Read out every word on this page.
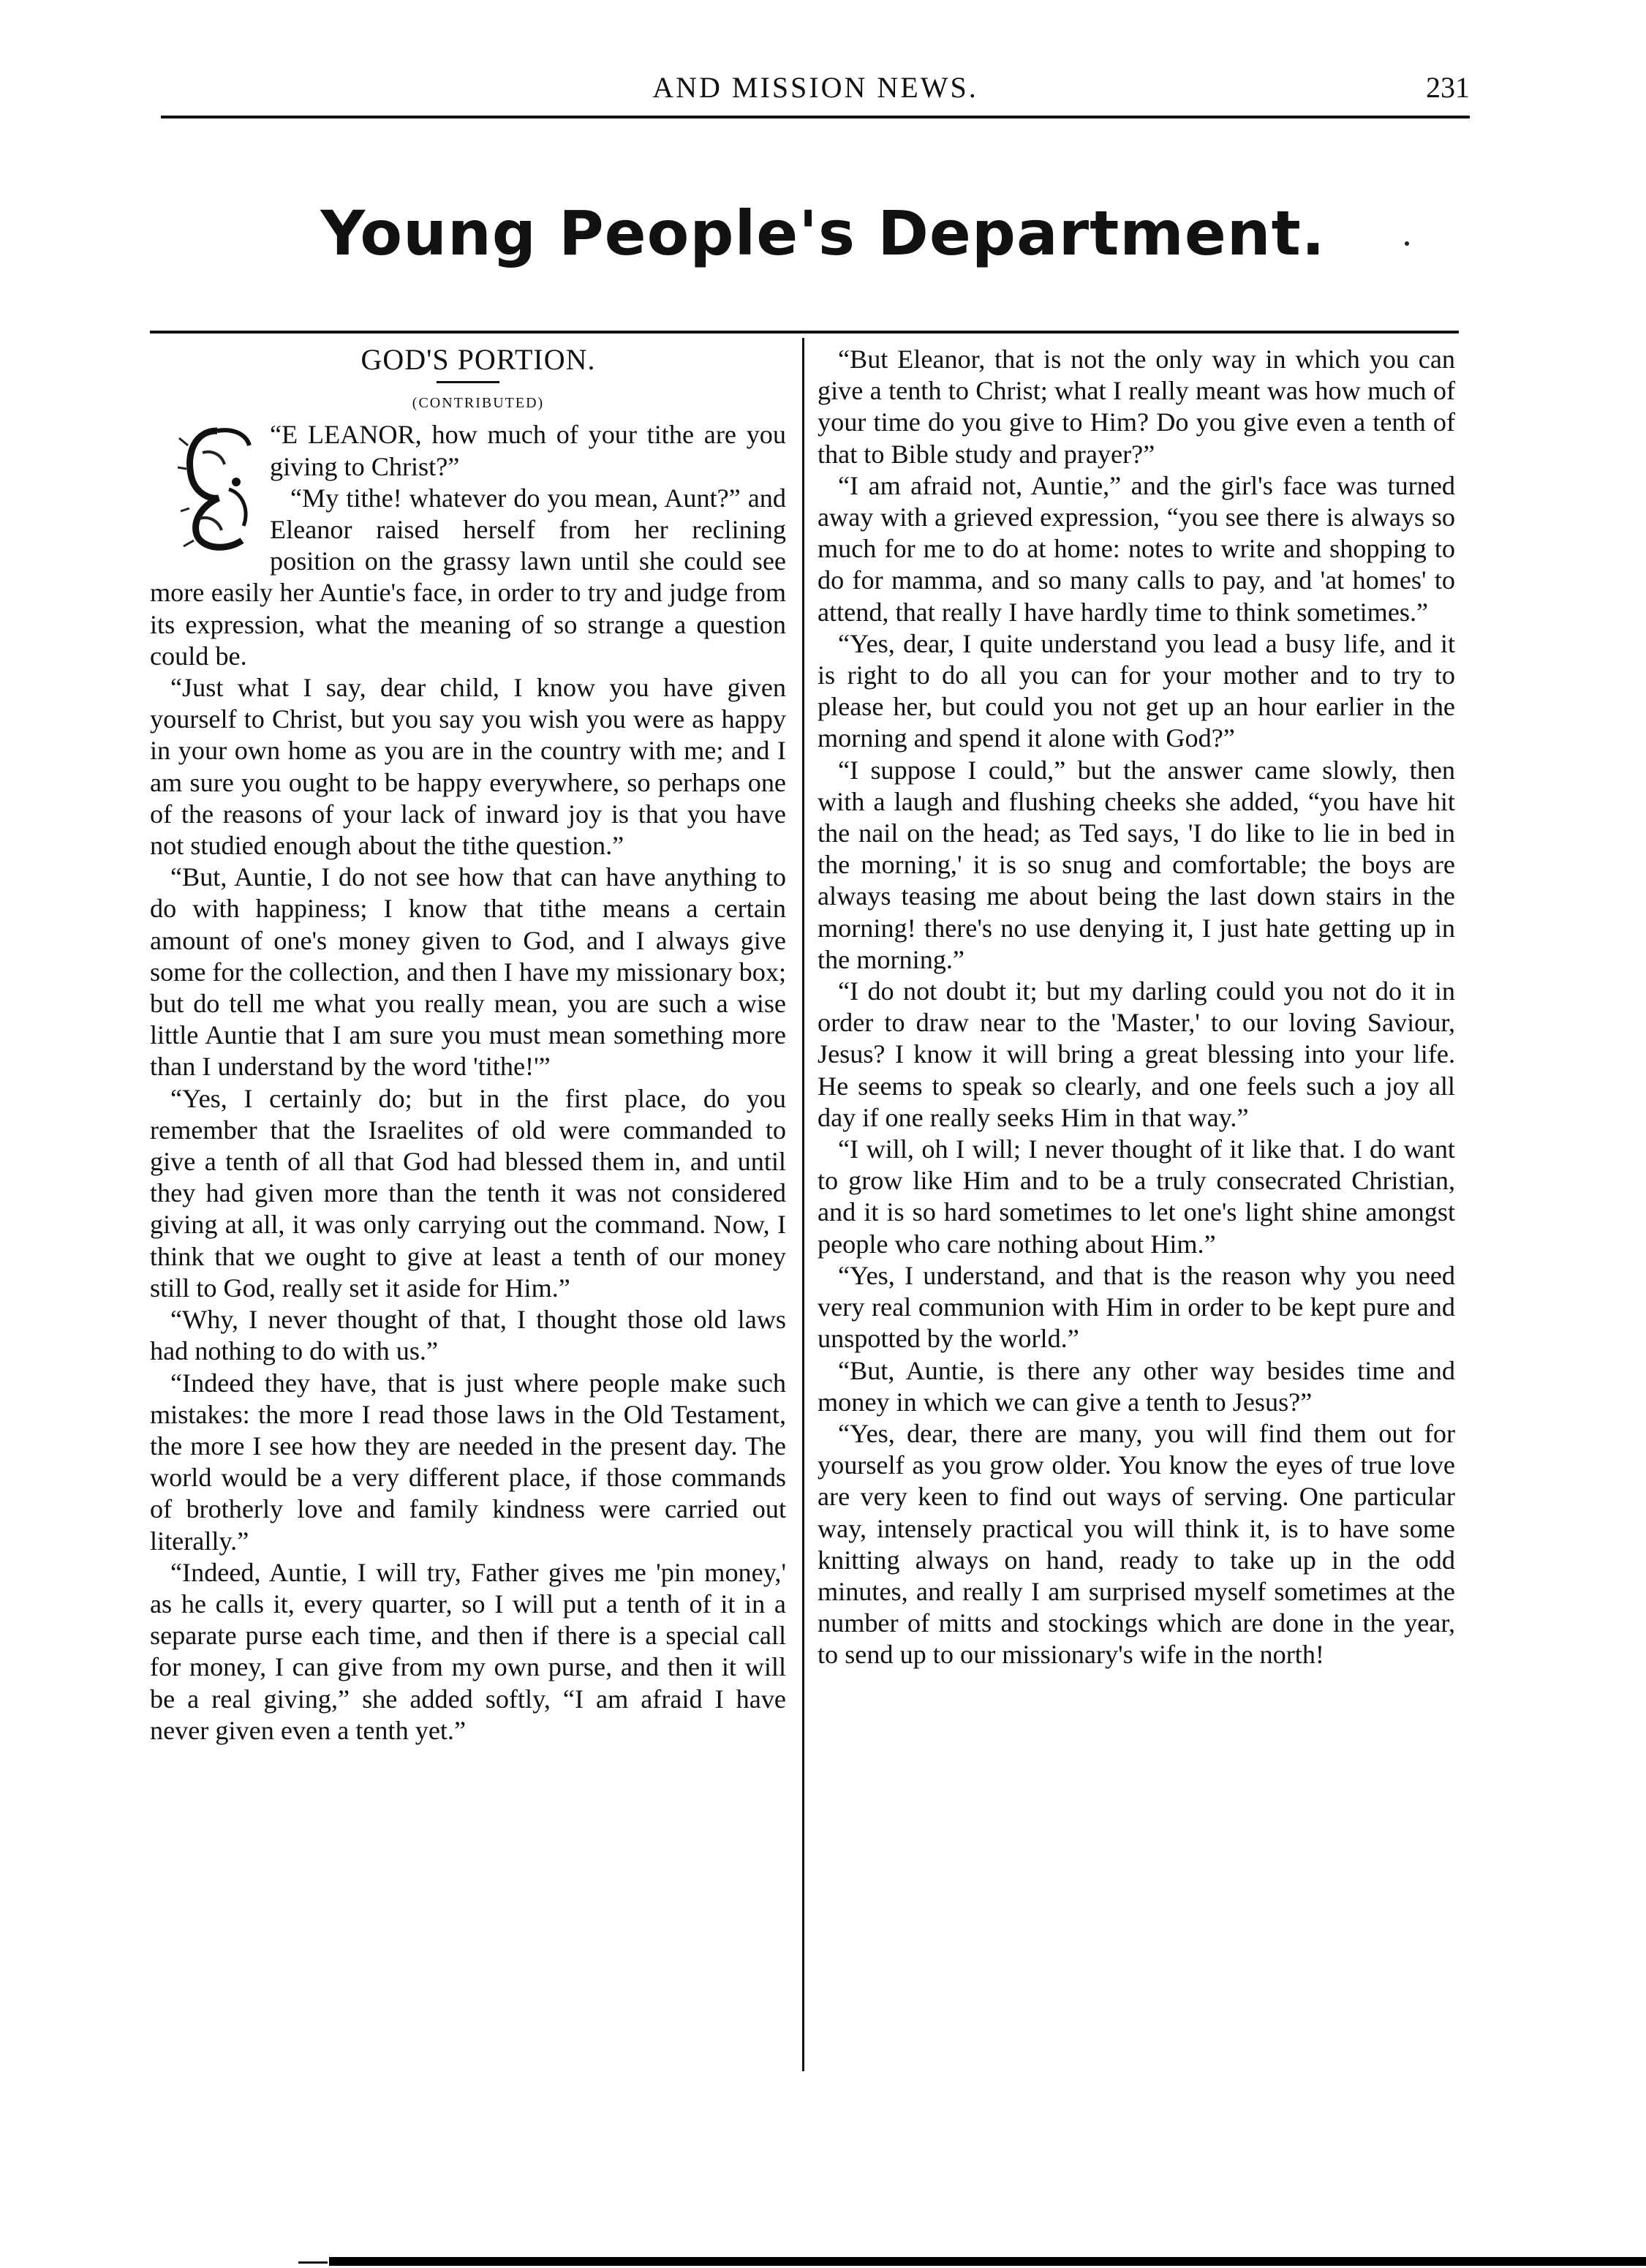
AND MISSION NEWS.	231
Young People's Department.

GOD'S PORTION.

(CONTRIBUTED)

“E LEANOR, how much of your tithe are you giving to Christ?”

“My tithe! whatever do you mean, Aunt?” and Eleanor raised herself from her reclining position on the grassy lawn until she could see more easily her Auntie's face, in order to try and judge from its expression, what the meaning of so strange a question could be.

“Just what I say, dear child, I know you have given yourself to Christ, but you say you wish you were as happy in your own home as you are in the country with me; and I am sure you ought to be happy everywhere, so perhaps one of the reasons of your lack of inward joy is that you have not studied enough about the tithe question.”

“But, Auntie, I do not see how that can have anything to do with happiness; I know that tithe means a certain amount of one's money given to God, and I always give some for the collection, and then I have my missionary box; but do tell me what you really mean, you are such a wise little Auntie that I am sure you must mean something more than I understand by the word 'tithe!'”

“Yes, I certainly do; but in the first place, do you remember that the Israelites of old were commanded to give a tenth of all that God had blessed them in, and until they had given more than the tenth it was not considered giving at all, it was only carrying out the command. Now, I think that we ought to give at least a tenth of our money still to God, really set it aside for Him.”

“Why, I never thought of that, I thought those old laws had nothing to do with us.”

“Indeed they have, that is just where people make such mistakes: the more I read those laws in the Old Testament, the more I see how they are needed in the present day. The world would be a very different place, if those commands of brotherly love and family kindness were carried out literally.”

“Indeed, Auntie, I will try, Father gives me 'pin money,' as he calls it, every quarter, so I will put a tenth of it in a separate purse each time, and then if there is a special call for money, I can give from my own purse, and then it will be a real giving,” she added softly, “I am afraid I have never given even a tenth yet.”

“But Eleanor, that is not the only way in which you can give a tenth to Christ; what I really meant was how much of your time do you give to Him? Do you give even a tenth of that to Bible study and prayer?”

“I am afraid not, Auntie,” and the girl's face was turned away with a grieved expression, “you see there is always so much for me to do at home: notes to write and shopping to do for mamma, and so many calls to pay, and 'at homes' to attend, that really I have hardly time to think sometimes.”

“Yes, dear, I quite understand you lead a busy life, and it is right to do all you can for your mother and to try to please her, but could you not get up an hour earlier in the morning and spend it alone with God?”

“I suppose I could,” but the answer came slowly, then with a laugh and flushing cheeks she added, “you have hit the nail on the head; as Ted says, 'I do like to lie in bed in the morning,' it is so snug and comfortable; the boys are always teasing me about being the last down stairs in the morning! there's no use denying it, I just hate getting up in the morning.”

“I do not doubt it; but my darling could you not do it in order to draw near to the 'Master,' to our loving Saviour, Jesus? I know it will bring a great blessing into your life. He seems to speak so clearly, and one feels such a joy all day if one really seeks Him in that way.”

“I will, oh I will; I never thought of it like that. I do want to grow like Him and to be a truly consecrated Christian, and it is so hard sometimes to let one's light shine amongst people who care nothing about Him.”

“Yes, I understand, and that is the reason why you need very real communion with Him in order to be kept pure and unspotted by the world.”

“But, Auntie, is there any other way besides time and money in which we can give a tenth to Jesus?”

“Yes, dear, there are many, you will find them out for yourself as you grow older. You know the eyes of true love are very keen to find out ways of serving. One particular way, intensely practical you will think it, is to have some knitting always on hand, ready to take up in the odd minutes, and really I am surprised myself sometimes at the number of mitts and stockings which are done in the year, to send up to our missionary's wife in the north!
